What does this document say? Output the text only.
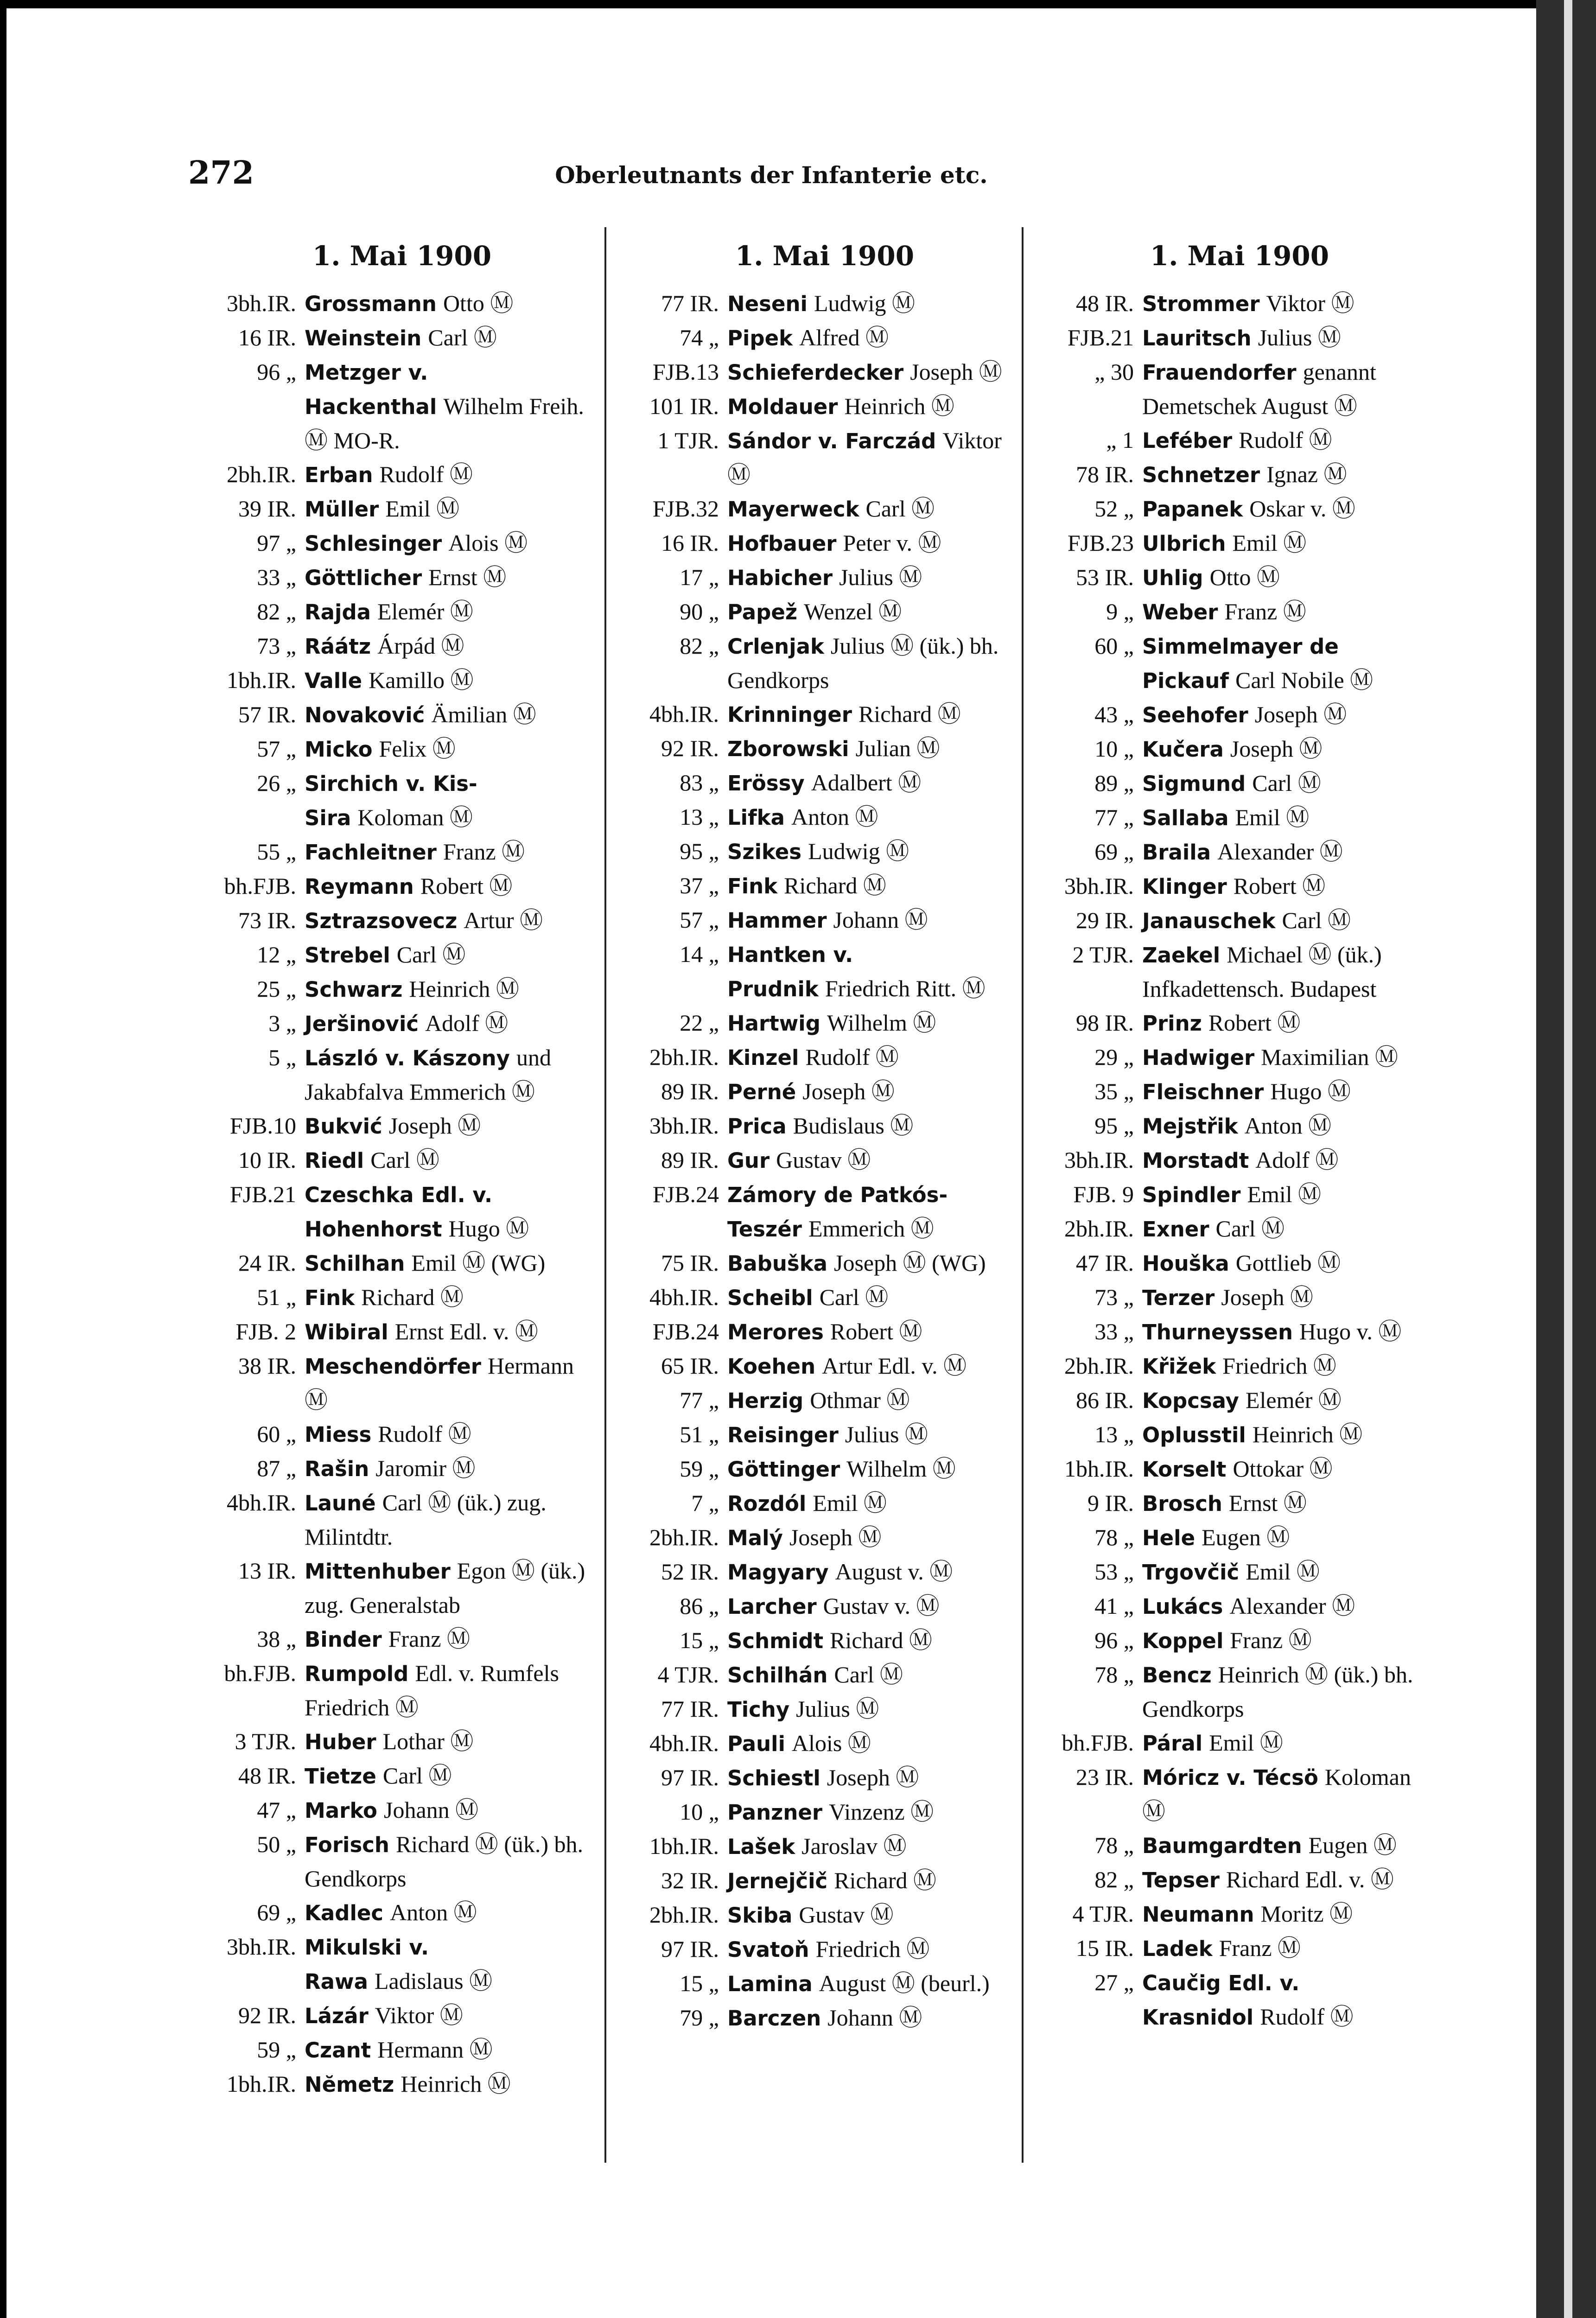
272	Oberleutnants der Infanterie etc.
1. Mai 1900
3bh.IR. Grossmann Otto Ⓜ
16 IR. Weinstein Carl Ⓜ
96 „ Metzger v. Hackenthal Wilhelm Freih. Ⓜ MO-R.
2bh.IR. Erban Rudolf Ⓜ
39 IR. Müller Emil Ⓜ
97 „ Schlesinger Alois Ⓜ
33 „ Göttlicher Ernst Ⓜ
82 „ Rajda Elemér Ⓜ
73 „ Ráátz Árpád Ⓜ
1bh.IR. Valle Kamillo Ⓜ
57 IR. Novaković Ämilian Ⓜ
57 „ Micko Felix Ⓜ
26 „ Sirchich v. Kis-Sira Koloman Ⓜ
55 „ Fachleitner Franz Ⓜ
bh.FJB. Reymann Robert Ⓜ
73 IR. Sztrazsovecz Artur Ⓜ
12 „ Strebel Carl Ⓜ
25 „ Schwarz Heinrich Ⓜ
3 „ Jeršinović Adolf Ⓜ
5 „ László v. Kászony und Jakabfalva Emmerich Ⓜ
FJB.10 Bukvić Joseph Ⓜ
10 IR. Riedl Carl Ⓜ
FJB.21 Czeschka Edl. v. Hohenhorst Hugo Ⓜ
24 IR. Schilhan Emil Ⓜ (WG)
51 „ Fink Richard Ⓜ
FJB. 2 Wibiral Ernst Edl. v. Ⓜ
38 IR. Meschendörfer Hermann Ⓜ
60 „ Miess Rudolf Ⓜ
87 „ Rašin Jaromir Ⓜ
4bh.IR. Launé Carl Ⓜ (ük.) zug. Milintdtr.
13 IR. Mittenhuber Egon Ⓜ (ük.) zug. Generalstab
38 „ Binder Franz Ⓜ
bh.FJB. Rumpold Edl. v. Rumfels Friedrich Ⓜ
3 TJR. Huber Lothar Ⓜ
48 IR. Tietze Carl Ⓜ
47 „ Marko Johann Ⓜ
50 „ Forisch Richard Ⓜ (ük.) bh. Gendkorps
69 „ Kadlec Anton Ⓜ
3bh.IR. Mikulski v. Rawa Ladislaus Ⓜ
92 IR. Lázár Viktor Ⓜ
59 „ Czant Hermann Ⓜ
1bh.IR. Nĕmetz Heinrich Ⓜ
1. Mai 1900
77 IR. Neseni Ludwig Ⓜ
74 „ Pipek Alfred Ⓜ
FJB.13 Schieferdecker Joseph Ⓜ
101 IR. Moldauer Heinrich Ⓜ
1 TJR. Sándor v. Farczád Viktor Ⓜ
FJB.32 Mayerweck Carl Ⓜ
16 IR. Hofbauer Peter v. Ⓜ
17 „ Habicher Julius Ⓜ
90 „ Papež Wenzel Ⓜ
82 „ Crlenjak Julius Ⓜ (ük.) bh. Gendkorps
4bh.IR. Krinninger Richard Ⓜ
92 IR. Zborowski Julian Ⓜ
83 „ Erössy Adalbert Ⓜ
13 „ Lifka Anton Ⓜ
95 „ Szikes Ludwig Ⓜ
37 „ Fink Richard Ⓜ
57 „ Hammer Johann Ⓜ
14 „ Hantken v. Prudnik Friedrich Ritt. Ⓜ
22 „ Hartwig Wilhelm Ⓜ
2bh.IR. Kinzel Rudolf Ⓜ
89 IR. Perné Joseph Ⓜ
3bh.IR. Prica Budislaus Ⓜ
89 IR. Gur Gustav Ⓜ
FJB.24 Zámory de Patkós-Teszér Emmerich Ⓜ
75 IR. Babuška Joseph Ⓜ (WG)
4bh.IR. Scheibl Carl Ⓜ
FJB.24 Merores Robert Ⓜ
65 IR. Koehen Artur Edl. v. Ⓜ
77 „ Herzig Othmar Ⓜ
51 „ Reisinger Julius Ⓜ
59 „ Göttinger Wilhelm Ⓜ
7 „ Rozdól Emil Ⓜ
2bh.IR. Malý Joseph Ⓜ
52 IR. Magyary August v. Ⓜ
86 „ Larcher Gustav v. Ⓜ
15 „ Schmidt Richard Ⓜ
4 TJR. Schilhán Carl Ⓜ
77 IR. Tichy Julius Ⓜ
4bh.IR. Pauli Alois Ⓜ
97 IR. Schiestl Joseph Ⓜ
10 „ Panzner Vinzenz Ⓜ
1bh.IR. Lašek Jaroslav Ⓜ
32 IR. Jernejčič Richard Ⓜ
2bh.IR. Skiba Gustav Ⓜ
97 IR. Svatoň Friedrich Ⓜ
15 „ Lamina August Ⓜ (beurl.)
79 „ Barczen Johann Ⓜ
1. Mai 1900
48 IR. Strommer Viktor Ⓜ
FJB.21 Lauritsch Julius Ⓜ
„ 30 Frauendorfer genannt Demetschek August Ⓜ
„ 1 Leféber Rudolf Ⓜ
78 IR. Schnetzer Ignaz Ⓜ
52 „ Papanek Oskar v. Ⓜ
FJB.23 Ulbrich Emil Ⓜ
53 IR. Uhlig Otto Ⓜ
9 „ Weber Franz Ⓜ
60 „ Simmelmayer de Pickauf Carl Nobile Ⓜ
43 „ Seehofer Joseph Ⓜ
10 „ Kučera Joseph Ⓜ
89 „ Sigmund Carl Ⓜ
77 „ Sallaba Emil Ⓜ
69 „ Braila Alexander Ⓜ
3bh.IR. Klinger Robert Ⓜ
29 IR. Janauschek Carl Ⓜ
2 TJR. Zaekel Michael Ⓜ (ük.) Infkadettensch. Budapest
98 IR. Prinz Robert Ⓜ
29 „ Hadwiger Maximilian Ⓜ
35 „ Fleischner Hugo Ⓜ
95 „ Mejstřik Anton Ⓜ
3bh.IR. Morstadt Adolf Ⓜ
FJB. 9 Spindler Emil Ⓜ
2bh.IR. Exner Carl Ⓜ
47 IR. Houška Gottlieb Ⓜ
73 „ Terzer Joseph Ⓜ
33 „ Thurneyssen Hugo v. Ⓜ
2bh.IR. Křižek Friedrich Ⓜ
86 IR. Kopcsay Elemér Ⓜ
13 „ Oplusstil Heinrich Ⓜ
1bh.IR. Korselt Ottokar Ⓜ
9 IR. Brosch Ernst Ⓜ
78 „ Hele Eugen Ⓜ
53 „ Trgovčič Emil Ⓜ
41 „ Lukács Alexander Ⓜ
96 „ Koppel Franz Ⓜ
78 „ Bencz Heinrich Ⓜ (ük.) bh. Gendkorps
bh.FJB. Páral Emil Ⓜ
23 IR. Móricz v. Técsö Koloman Ⓜ
78 „ Baumgardten Eugen Ⓜ
82 „ Tepser Richard Edl. v. Ⓜ
4 TJR. Neumann Moritz Ⓜ
15 IR. Ladek Franz Ⓜ
27 „ Caučig Edl. v. Krasnidol Rudolf Ⓜ
